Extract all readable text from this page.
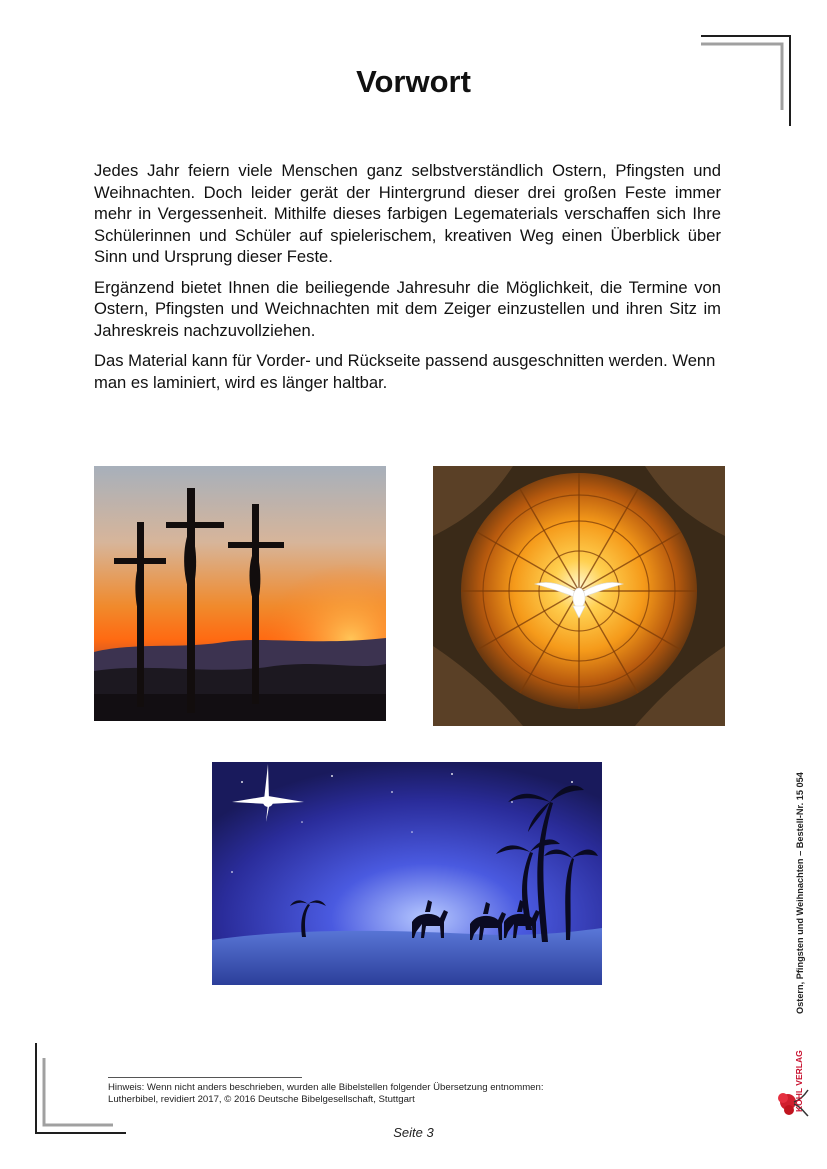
Vorwort

Jedes Jahr feiern viele Menschen ganz selbstverständlich Ostern, Pfingsten und Weihnachten. Doch leider gerät der Hintergrund dieser drei großen Feste immer mehr in Vergessenheit. Mithilfe dieses farbigen Legematerials verschaffen sich Ihre Schülerinnen und Schüler auf spielerischem, kreativen Weg einen Überblick über Sinn und Ursprung dieser Feste.

Ergänzend bietet Ihnen die beiliegende Jahresuhr die Möglichkeit, die Termine von Ostern, Pfingsten und Weichnachten mit dem Zeiger einzustellen und ihren Sitz im Jahreskreis nachzuvollziehen.

Das Material kann für Vorder- und Rückseite passend ausgeschnitten werden. Wenn man es laminiert, wird es länger haltbar.

Hinweis: Wenn nicht anders beschrieben, wurden alle Bibelstellen folgender Übersetzung entnommen:
Lutherbibel, revidiert 2017, © 2016 Deutsche Bibelgesellschaft, Stuttgart
Seite 3
Ostern, Pfingsten und Weihnachten – Bestell-Nr. 15 054
KOHL VERLAG
